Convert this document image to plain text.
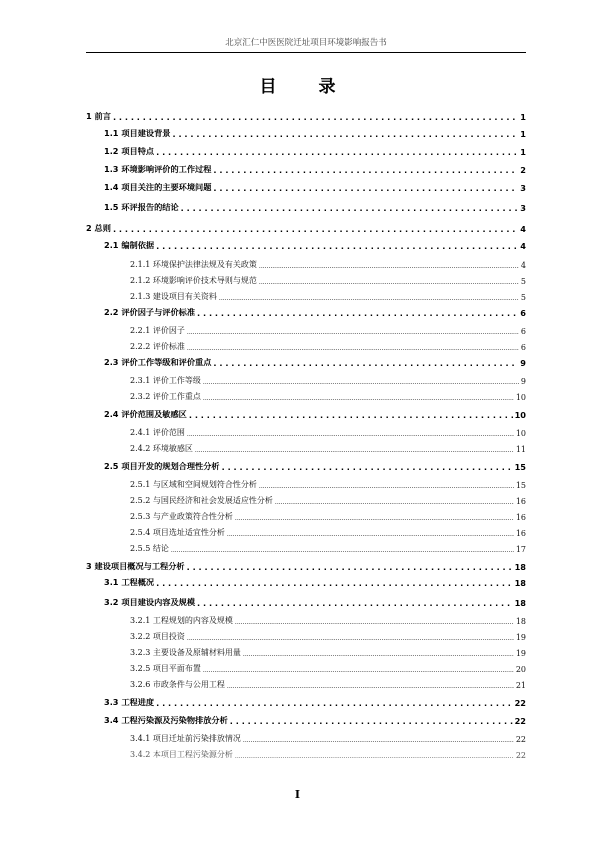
北京汇仁中医医院迁址项目环境影响报告书
目 录
1 前言 . . .	1
1.1 项目建设背景 . . .	1
1.2 项目特点 . . .	1
1.3 环境影响评价的工作过程 . . .	2
1.4 项目关注的主要环境问题 . . .	3
1.5 环评报告的结论 . . .	3
2 总则 . . .	4
2.1 编制依据 . . .	4
2.1.1 环境保护法律法规及有关政策 .....	4
2.1.2 环境影响评价技术导则与规范 .....	5
2.1.3 建设项目有关资料 .....	5
2.2 评价因子与评价标准 . . .	6
2.2.1 评价因子 .....	6
2.2.2 评价标准 .....	6
2.3 评价工作等级和评价重点 . . .	9
2.3.1 评价工作等级 .....	9
2.3.2 评价工作重点 .....	10
2.4 评价范围及敏感区 . . .	10
2.4.1 评价范围 .....	10
2.4.2 环境敏感区 .....	11
2.5 项目开发的规划合理性分析 . . .	15
2.5.1 与区域和空间规划符合性分析 .....	15
2.5.2 与国民经济和社会发展适应性分析 .....	16
2.5.3 与产业政策符合性分析 .....	16
2.5.4 项目选址适宜性分析 .....	16
2.5.5 结论 .....	17
3 建设项目概况与工程分析 . . .	18
3.1 工程概况 . . .	18
3.2 项目建设内容及规模 . . .	18
3.2.1 工程规划的内容及规模 .....	18
3.2.2 项目投资 .....	19
3.2.3 主要设备及原辅材料用量 .....	19
3.2.5 项目平面布置 .....	20
3.2.6 市政条件与公用工程 .....	21
3.3 工程进度 . . .	22
3.4 工程污染源及污染物排放分析 . . .	22
3.4.1 项目迁址前污染排放情况 .....	22
3.4.2 本项目工程污染源分析 .....	22
I
